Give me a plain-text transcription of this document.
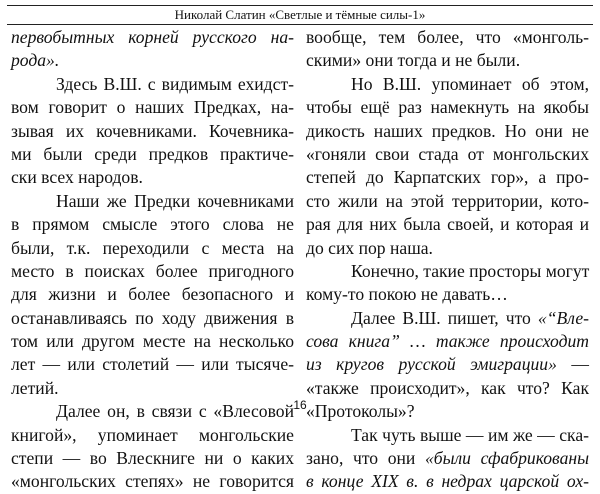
Николай Слатин «Светлые и тёмные силы-1»
первобытных корней русского на-
рода».
Здесь В.Ш. с видимым ехидст-
вом говорит о наших Предках, на-
зывая их кочевниками. Кочевника-
ми были среди предков практиче-
ски всех народов.
Наши же Предки кочевниками
в прямом смысле этого слова не
были, т.к. переходили с места на
место в поисках более пригодного
для жизни и более безопасного и
останавливаясь по ходу движения в
том или другом месте на несколько
лет — или столетий — или тысяче-
летий.
Далее он, в связи с «Влесовой
книгой», упоминает монгольские
степи — во Влескниге ни о каких
«монгольских степях» не говорится
вообще, тем более, что «монголь-
скими» они тогда и не были.
Но В.Ш. упоминает об этом,
чтобы ещё раз намекнуть на якобы
дикость наших предков. Но они не
«гоняли свои стада от монгольских
степей до Карпатских гор», а про-
сто жили на этой территории, кото-
рая для них была своей, и которая и
до сих пор наша.
Конечно, такие просторы могут
кому-то покою не давать…
Далее В.Ш. пишет, что «“Вле-
сова книга” … также происходит
из кругов русской эмиграции» —
«также происходит», как что? Как
«Протоколы»?
Так чуть выше — им же — ска-
зано, что они «были сфабрикованы
в конце XIX в. в недрах царской ох-
16
